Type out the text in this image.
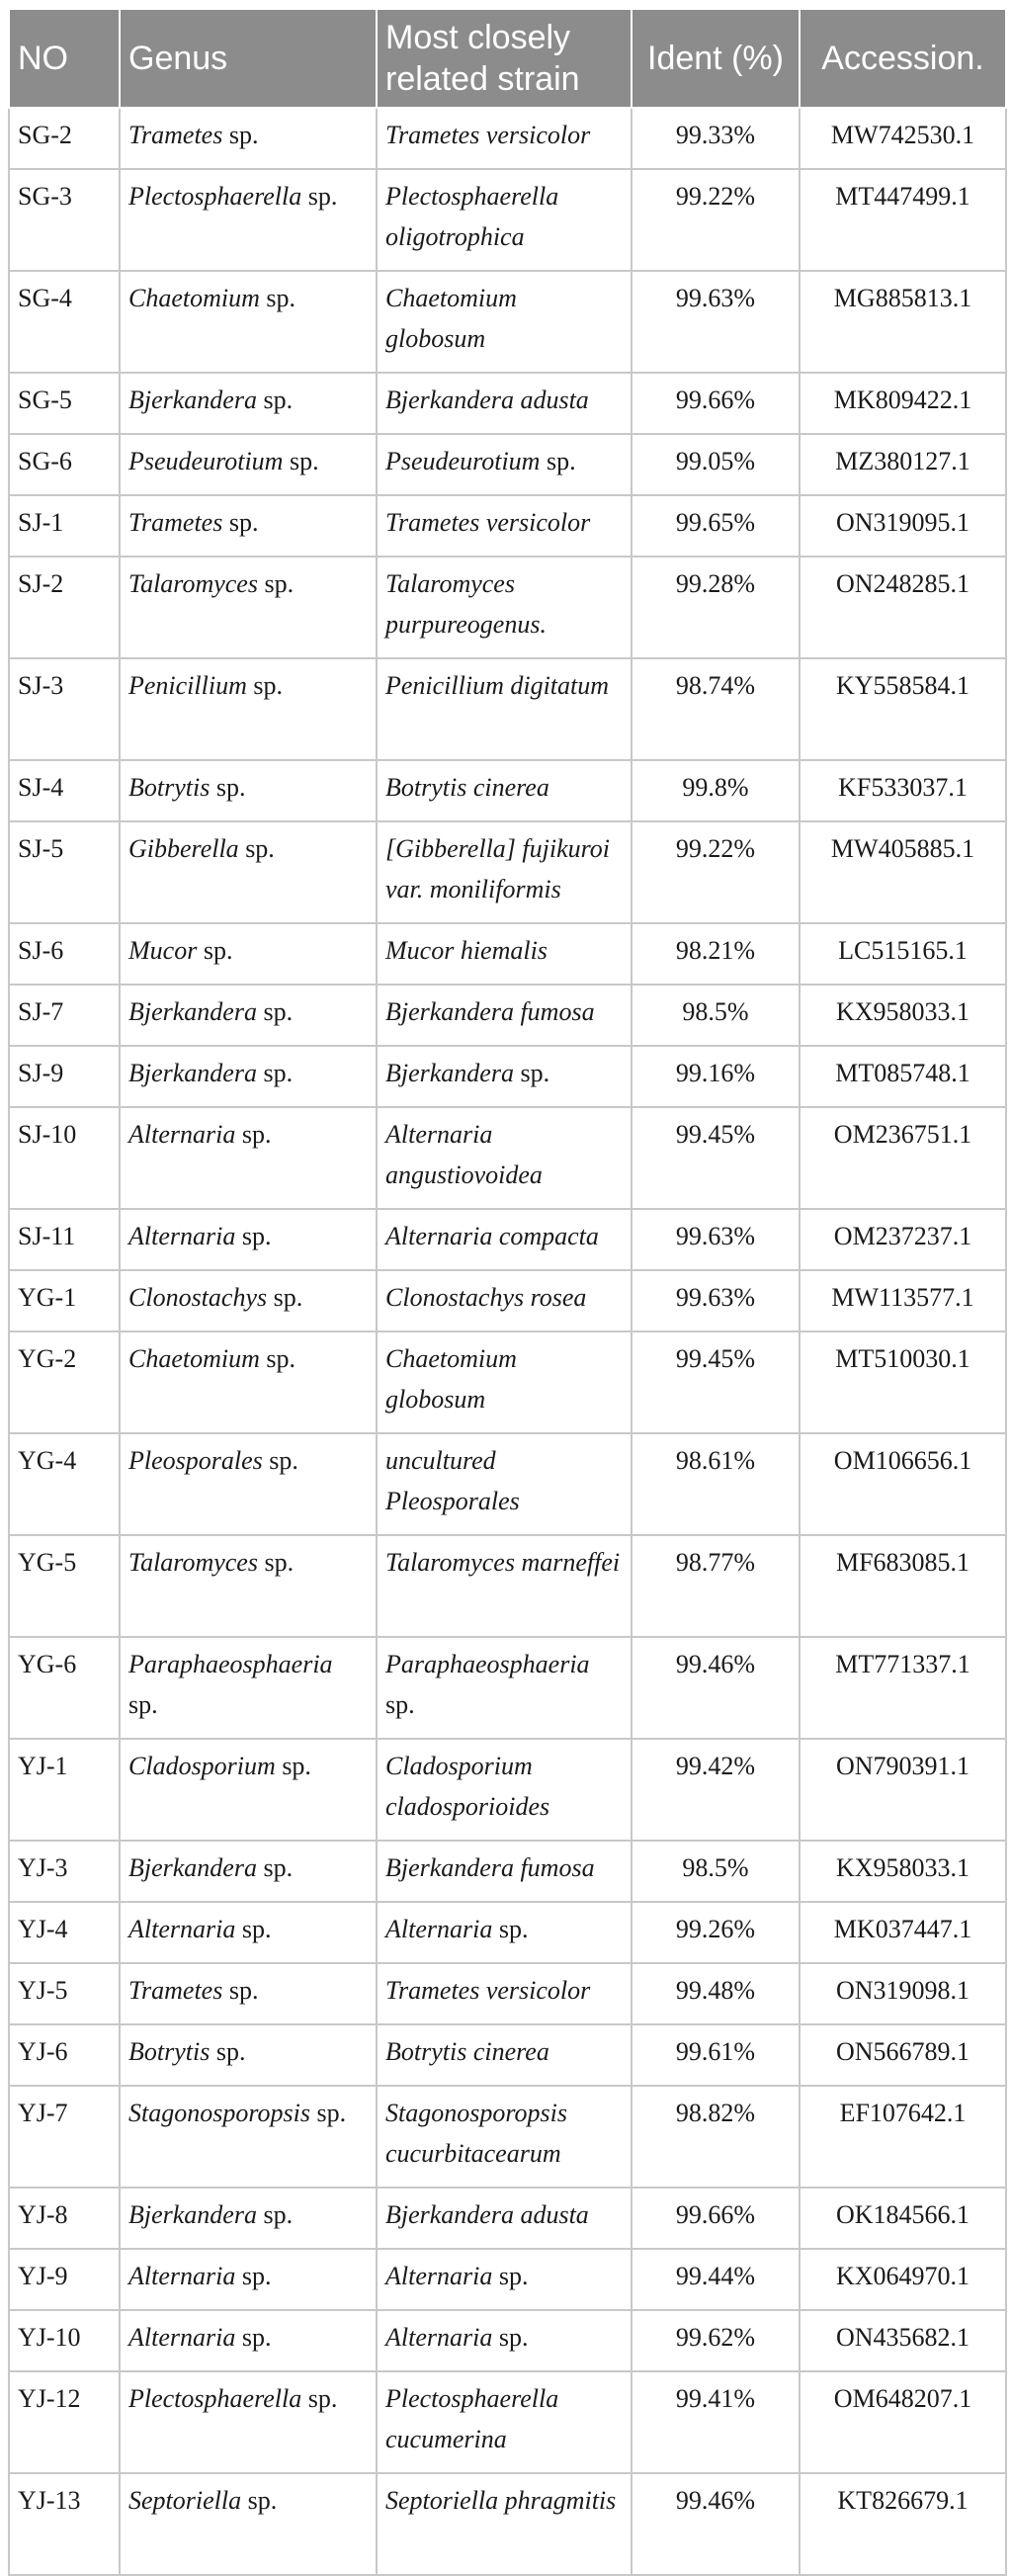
NO	Genus	Most closely related strain	Ident (%)	Accession.
SG-2	Trametes sp.	Trametes versicolor	99.33%	MW742530.1
SG-3	Plectosphaerella sp.	Plectosphaerella oligotrophica	99.22%	MT447499.1
SG-4	Chaetomium sp.	Chaetomium globosum	99.63%	MG885813.1
SG-5	Bjerkandera sp.	Bjerkandera adusta	99.66%	MK809422.1
SG-6	Pseudeurotium sp.	Pseudeurotium sp.	99.05%	MZ380127.1
SJ-1	Trametes sp.	Trametes versicolor	99.65%	ON319095.1
SJ-2	Talaromyces sp.	Talaromyces purpureogenus.	99.28%	ON248285.1
SJ-3	Penicillium sp.	Penicillium digitatum	98.74%	KY558584.1
SJ-4	Botrytis sp.	Botrytis cinerea	99.8%	KF533037.1
SJ-5	Gibberella sp.	[Gibberella] fujikuroi var. moniliformis	99.22%	MW405885.1
SJ-6	Mucor sp.	Mucor hiemalis	98.21%	LC515165.1
SJ-7	Bjerkandera sp.	Bjerkandera fumosa	98.5%	KX958033.1
SJ-9	Bjerkandera sp.	Bjerkandera sp.	99.16%	MT085748.1
SJ-10	Alternaria sp.	Alternaria angustiovoidea	99.45%	OM236751.1
SJ-11	Alternaria sp.	Alternaria compacta	99.63%	OM237237.1
YG-1	Clonostachys sp.	Clonostachys rosea	99.63%	MW113577.1
YG-2	Chaetomium sp.	Chaetomium globosum	99.45%	MT510030.1
YG-4	Pleosporales sp.	uncultured Pleosporales	98.61%	OM106656.1
YG-5	Talaromyces sp.	Talaromyces marneffei	98.77%	MF683085.1
YG-6	Paraphaeosphaeria sp.	Paraphaeosphaeria sp.	99.46%	MT771337.1
YJ-1	Cladosporium sp.	Cladosporium cladosporioides	99.42%	ON790391.1
YJ-3	Bjerkandera sp.	Bjerkandera fumosa	98.5%	KX958033.1
YJ-4	Alternaria sp.	Alternaria sp.	99.26%	MK037447.1
YJ-5	Trametes sp.	Trametes versicolor	99.48%	ON319098.1
YJ-6	Botrytis sp.	Botrytis cinerea	99.61%	ON566789.1
YJ-7	Stagonosporopsis sp.	Stagonosporopsis cucurbitacearum	98.82%	EF107642.1
YJ-8	Bjerkandera sp.	Bjerkandera adusta	99.66%	OK184566.1
YJ-9	Alternaria sp.	Alternaria sp.	99.44%	KX064970.1
YJ-10	Alternaria sp.	Alternaria sp.	99.62%	ON435682.1
YJ-12	Plectosphaerella sp.	Plectosphaerella cucumerina	99.41%	OM648207.1
YJ-13	Septoriella sp.	Septoriella phragmitis	99.46%	KT826679.1
